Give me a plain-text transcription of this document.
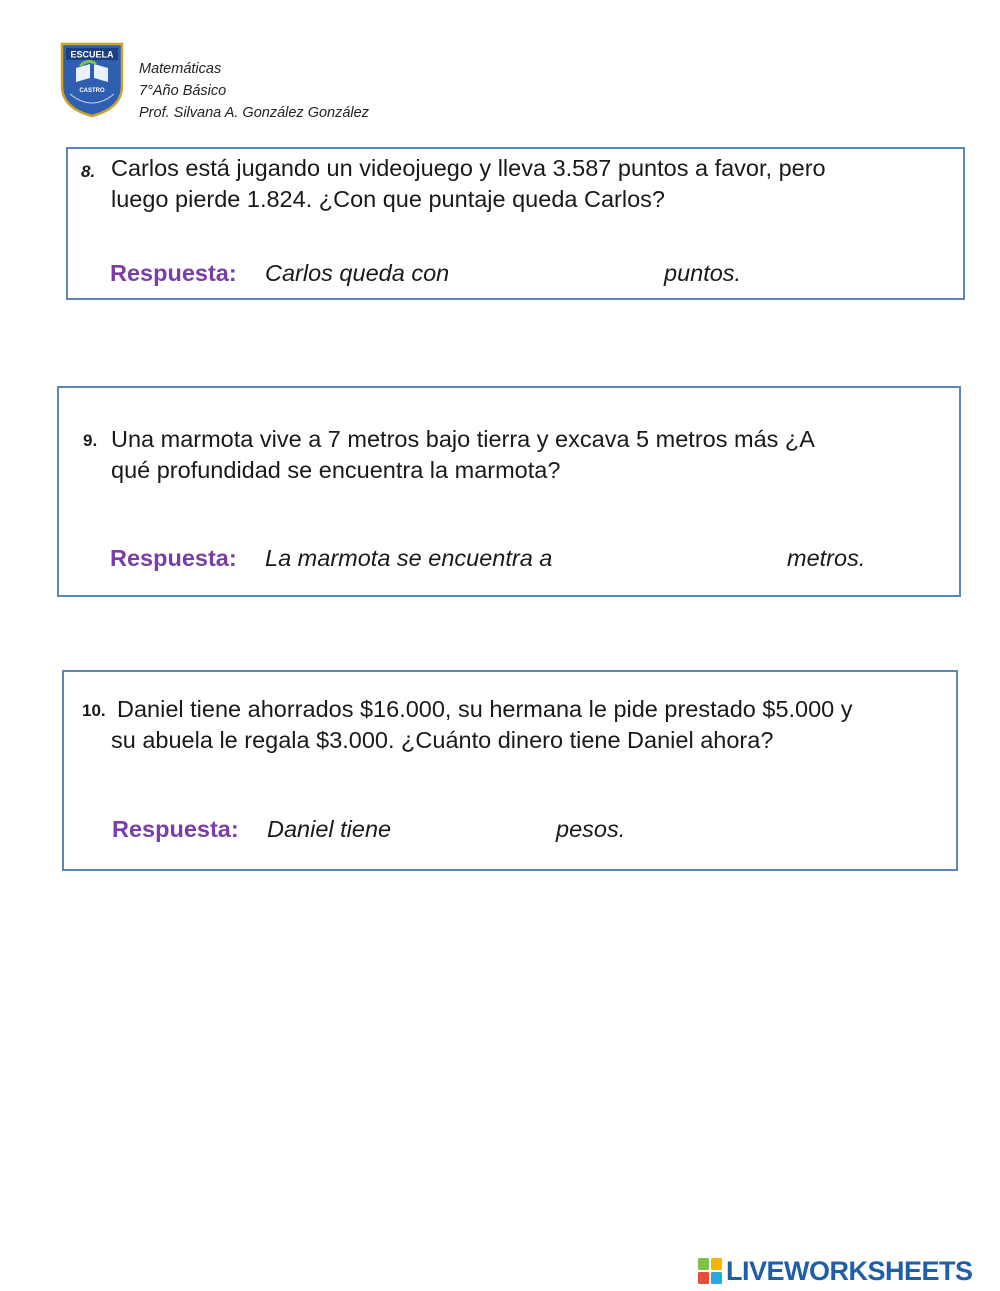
ESCUELA
CASTRO
Matemáticas
7°Año Básico
Prof. Silvana A. González González
8. Carlos está jugando un videojuego y lleva 3.587 puntos a favor, pero
luego pierde 1.824. ¿Con que puntaje queda Carlos?
Respuesta: Carlos queda con	puntos.
9. Una marmota vive a 7 metros bajo tierra y excava 5 metros más ¿A
qué profundidad se encuentra la marmota?
Respuesta: La marmota se encuentra a	metros.
10. Daniel tiene ahorrados $16.000, su hermana le pide prestado $5.000 y
su abuela le regala $3.000. ¿Cuánto dinero tiene Daniel ahora?
Respuesta: Daniel tiene	pesos.
LIVEWORKSHEETS
